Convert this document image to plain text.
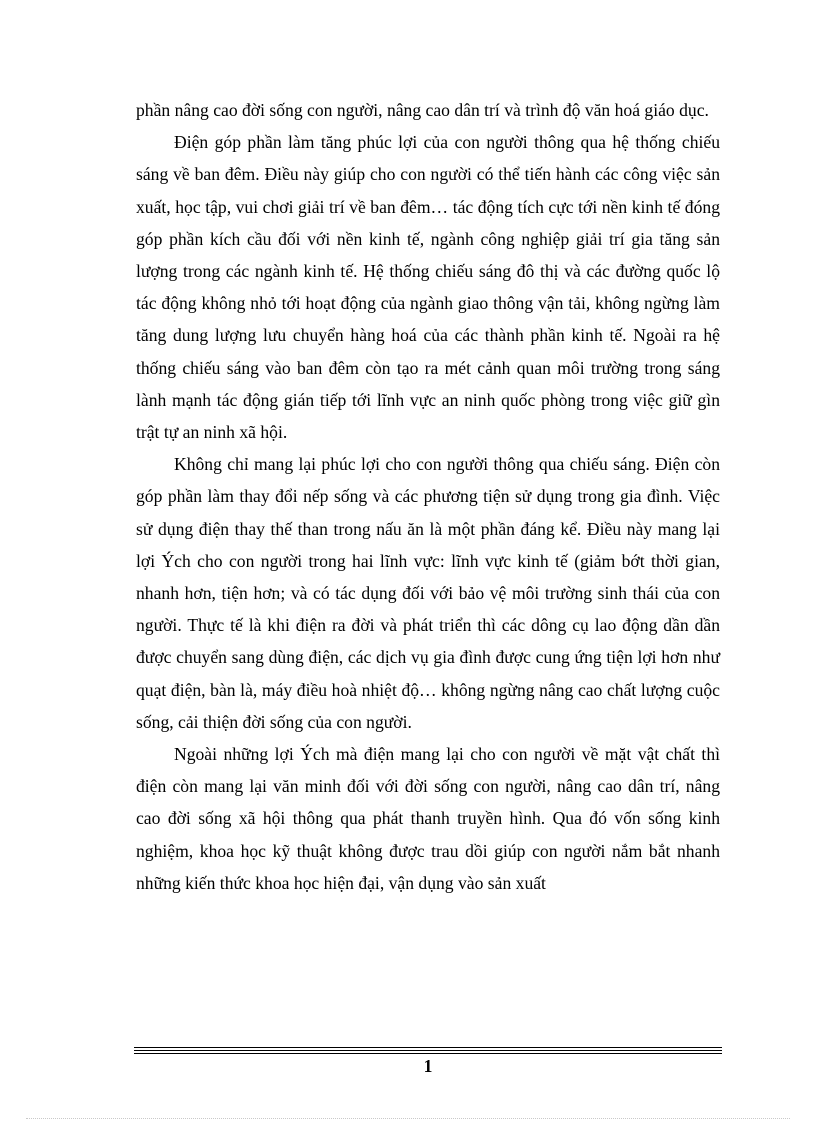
phần nâng cao đời sống con người, nâng cao dân trí và trình độ văn hoá giáo dục.

Điện góp phần làm tăng phúc lợi của con người thông qua hệ thống chiếu sáng về ban đêm. Điều này giúp cho con người có thể tiến hành các công việc sản xuất, học tập, vui chơi giải trí về ban đêm… tác động tích cực tới nền kinh tế đóng góp phần kích cầu đối với nền kinh tế, ngành công nghiệp giải trí gia tăng sản lượng trong các ngành kinh tế. Hệ thống chiếu sáng đô thị và các đường quốc lộ tác động không nhỏ tới hoạt động của ngành giao thông vận tải, không ngừng làm tăng dung lượng lưu chuyển hàng hoá của các thành phần kinh tế. Ngoài ra hệ thống chiếu sáng vào ban đêm còn tạo ra mét cảnh quan môi trường trong sáng lành mạnh tác động gián tiếp tới lĩnh vực an ninh quốc phòng trong việc giữ gìn trật tự an ninh xã hội.

Không chỉ mang lại phúc lợi cho con người thông qua chiếu sáng. Điện còn góp phần làm thay đổi nếp sống và các phương tiện sử dụng trong gia đình. Việc sử dụng điện thay thế than trong nấu ăn là một phần đáng kể. Điều này mang lại lợi Ých cho con người trong hai lĩnh vực: lĩnh vực kinh tế (giảm bớt thời gian, nhanh hơn, tiện hơn; và có tác dụng đối với bảo vệ môi trường sinh thái của con người. Thực tế là khi điện ra đời và phát triển thì các dông cụ lao động dần dần được chuyển sang dùng điện, các dịch vụ gia đình được cung ứng tiện lợi hơn như quạt điện, bàn là, máy điều hoà nhiệt độ… không ngừng nâng cao chất lượng cuộc sống, cải thiện đời sống của con người.

Ngoài những lợi Ých mà điện mang lại cho con người về mặt vật chất thì điện còn mang lại văn minh đối với đời sống con người, nâng cao dân trí, nâng cao đời sống xã hội thông qua phát thanh truyền hình. Qua đó vốn sống kinh nghiệm, khoa học kỹ thuật không được trau dồi giúp con người nắm bắt nhanh những kiến thức khoa học hiện đại, vận dụng vào sản xuất

1
